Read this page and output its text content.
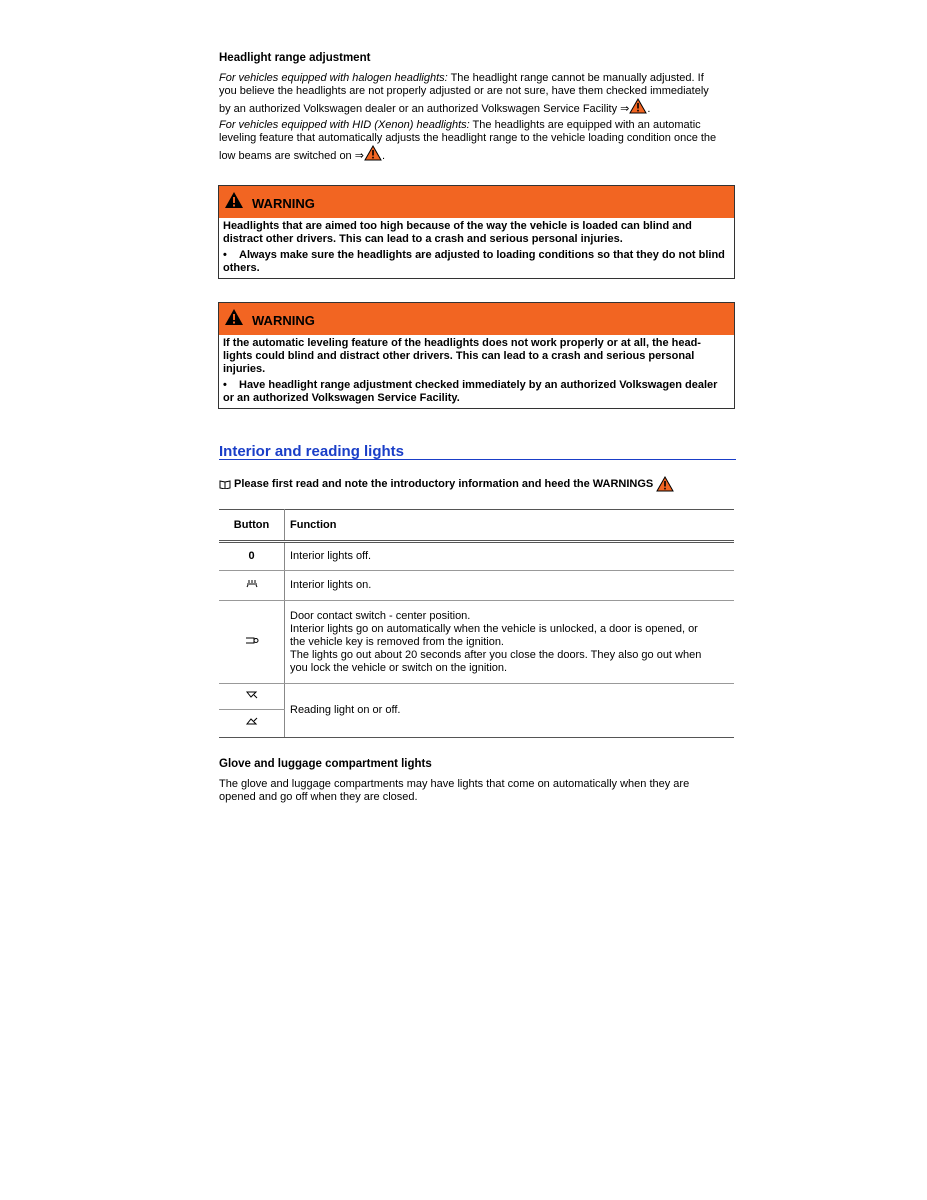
Headlight range adjustment

For vehicles equipped with halogen headlights: The headlight range cannot be manually adjusted. If
you believe the headlights are not properly adjusted or are not sure, have them checked immediately
by an authorized Volkswagen dealer or an authorized Volkswagen Service Facility ⇒ .

For vehicles equipped with HID (Xenon) headlights: The headlights are equipped with an automatic
leveling feature that automatically adjusts the headlight range to the vehicle loading condition once the
low beams are switched on ⇒ .

WARNING

Headlights that are aimed too high because of the way the vehicle is loaded can blind and distract other drivers. This can lead to a crash and serious personal injuries.

• Always make sure the headlights are adjusted to loading conditions so that they do not blind others.

WARNING

If the automatic leveling feature of the headlights does not work properly or at all, the head-lights could blind and distract other drivers. This can lead to a crash and serious personal injuries.

• Have headlight range adjustment checked immediately by an authorized Volkswagen dealer or an authorized Volkswagen Service Facility.

Interior and reading lights
Please first read and note the introductory information and heed the WARNINGS
Button	Function
0	Interior lights off.
	Interior lights on.
	Door contact switch - center position.
Interior lights go on automatically when the vehicle is unlocked, a door is opened, or
the vehicle key is removed from the ignition.
The lights go out about 20 seconds after you close the doors. They also go out when
you lock the vehicle or switch on the ignition.
	Reading light on or off.

Glove and luggage compartment lights

The glove and luggage compartments may have lights that come on automatically when they are
opened and go off when they are closed.
